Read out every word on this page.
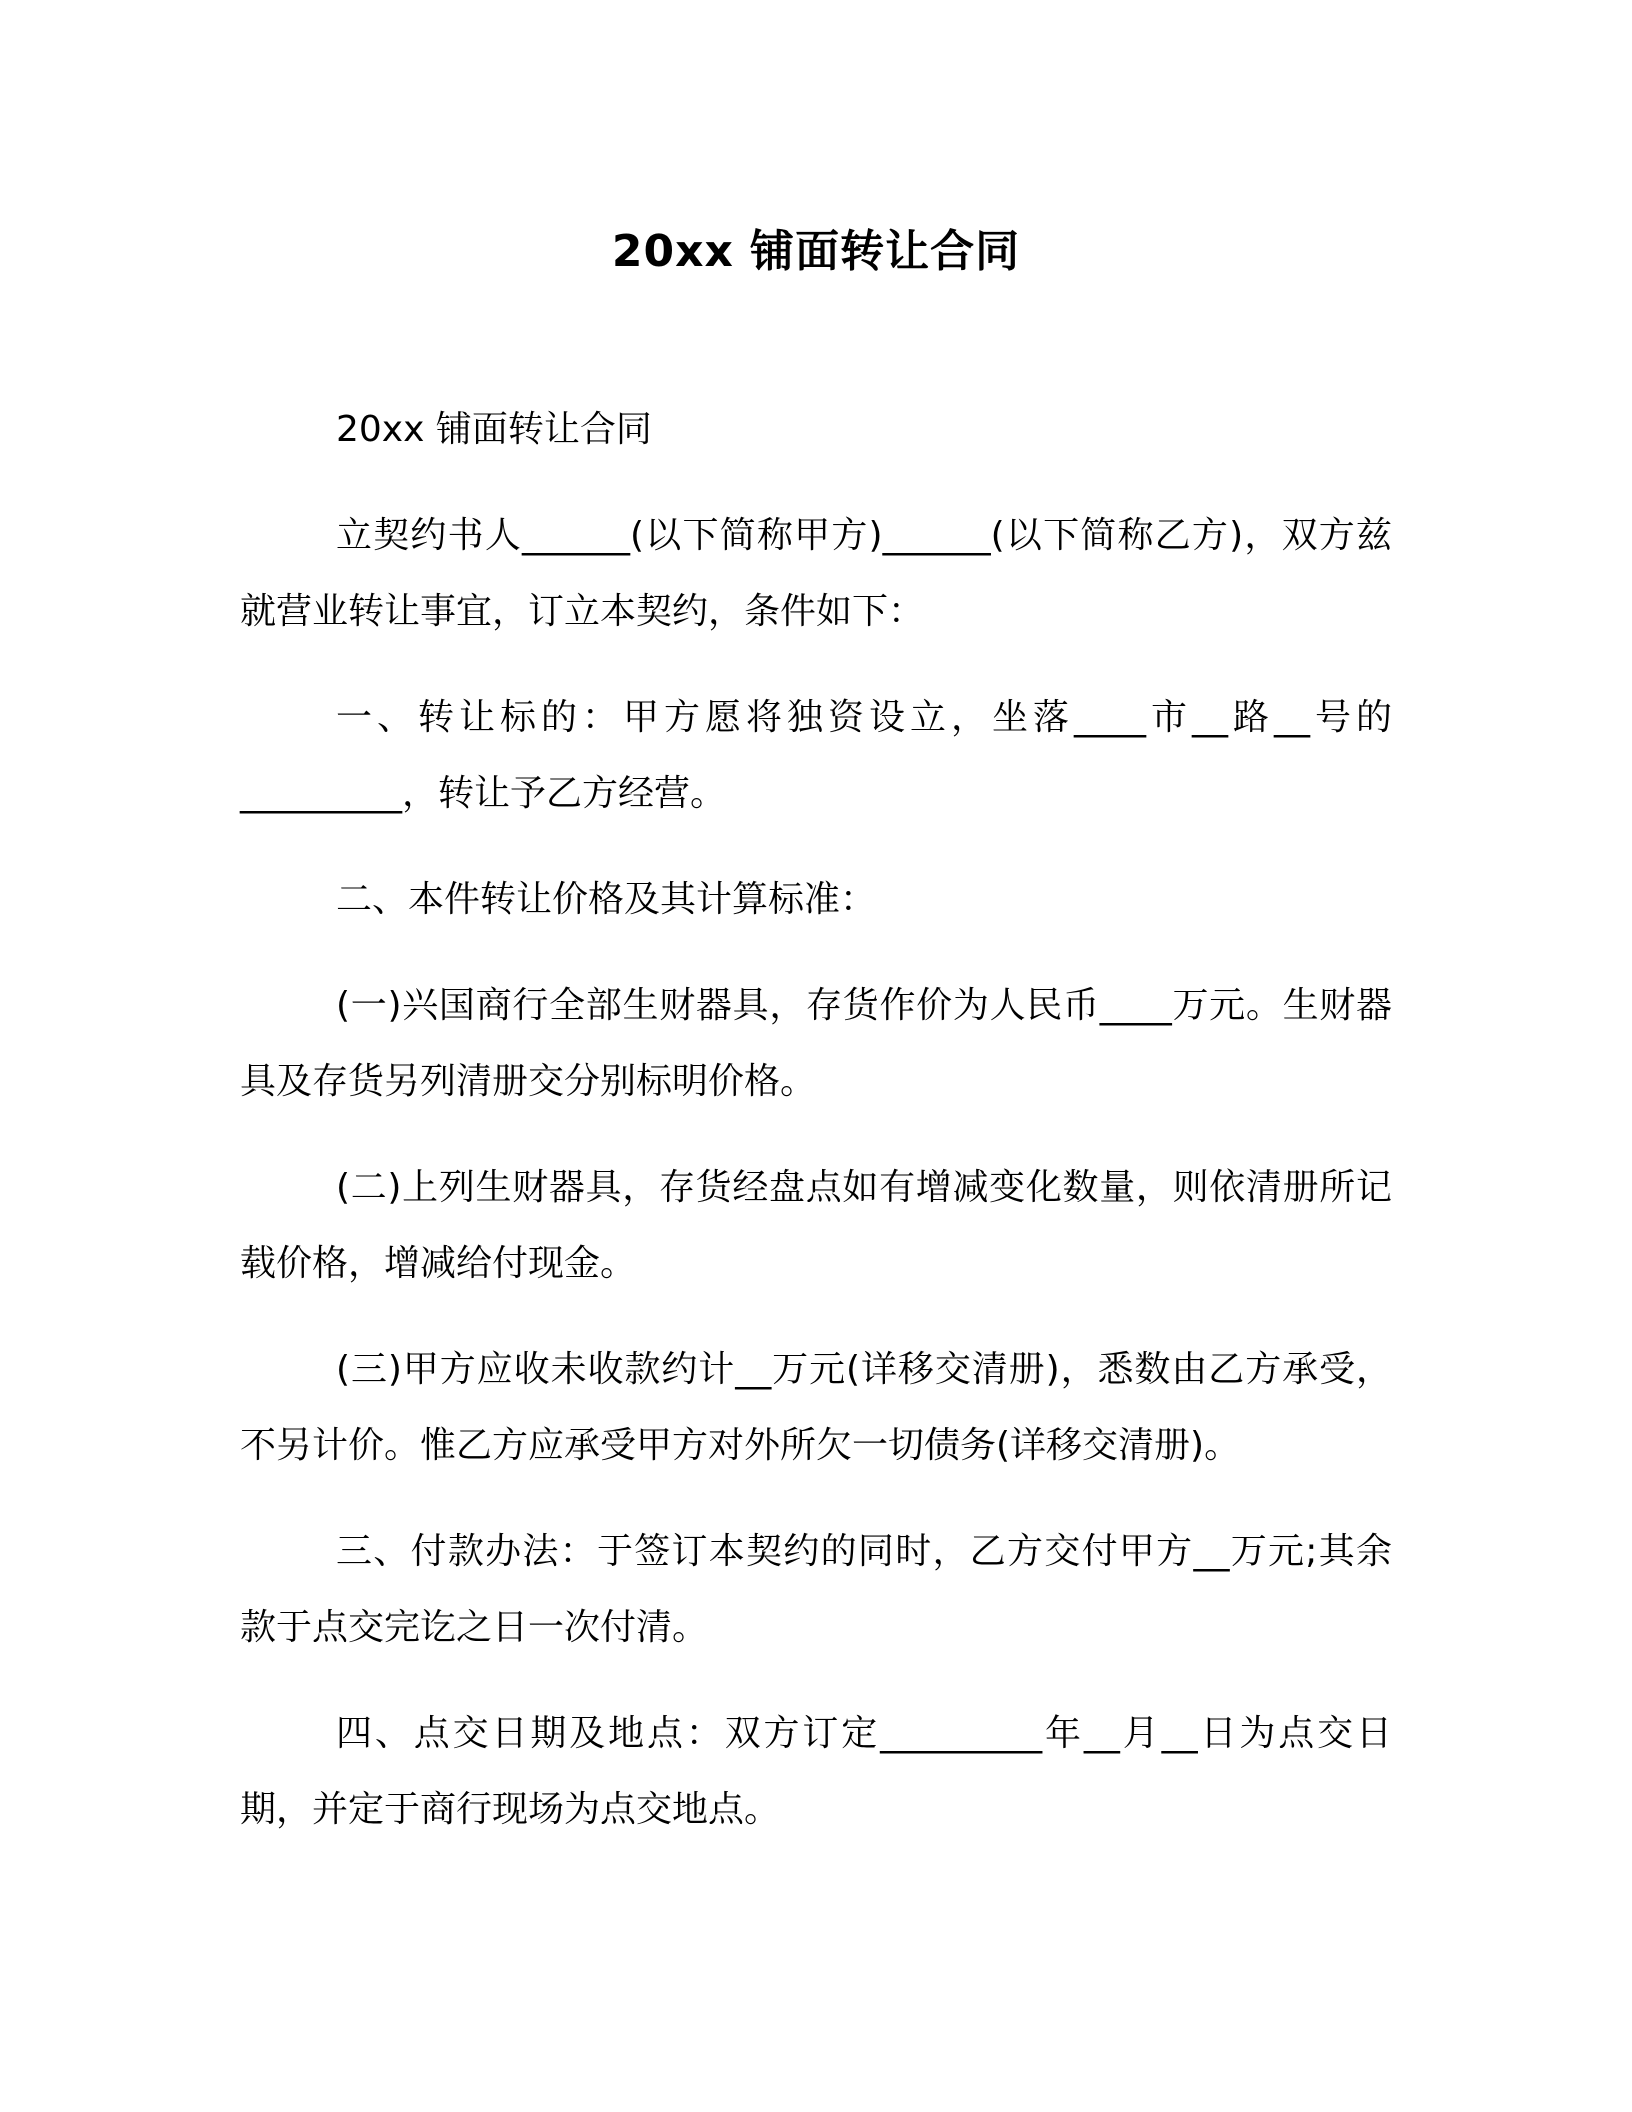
20xx 铺面转让合同

20xx 铺面转让合同

立契约书人______(以下简称甲方)______(以下简称乙方)，双方兹就营业转让事宜，订立本契约，条件如下：

一、转让标的：甲方愿将独资设立，坐落____市__路__号的_________，转让予乙方经营。

二、本件转让价格及其计算标准：

(一)兴国商行全部生财器具，存货作价为人民币____万元。生财器具及存货另列清册交分别标明价格。

(二)上列生财器具，存货经盘点如有增减变化数量，则依清册所记载价格，增减给付现金。

(三)甲方应收未收款约计__万元(详移交清册)，悉数由乙方承受，不另计价。惟乙方应承受甲方对外所欠一切债务(详移交清册)。

三、付款办法：于签订本契约的同时，乙方交付甲方__万元;其余款于点交完讫之日一次付清。

四、点交日期及地点：双方订定_________年__月__日为点交日期，并定于商行现场为点交地点。
